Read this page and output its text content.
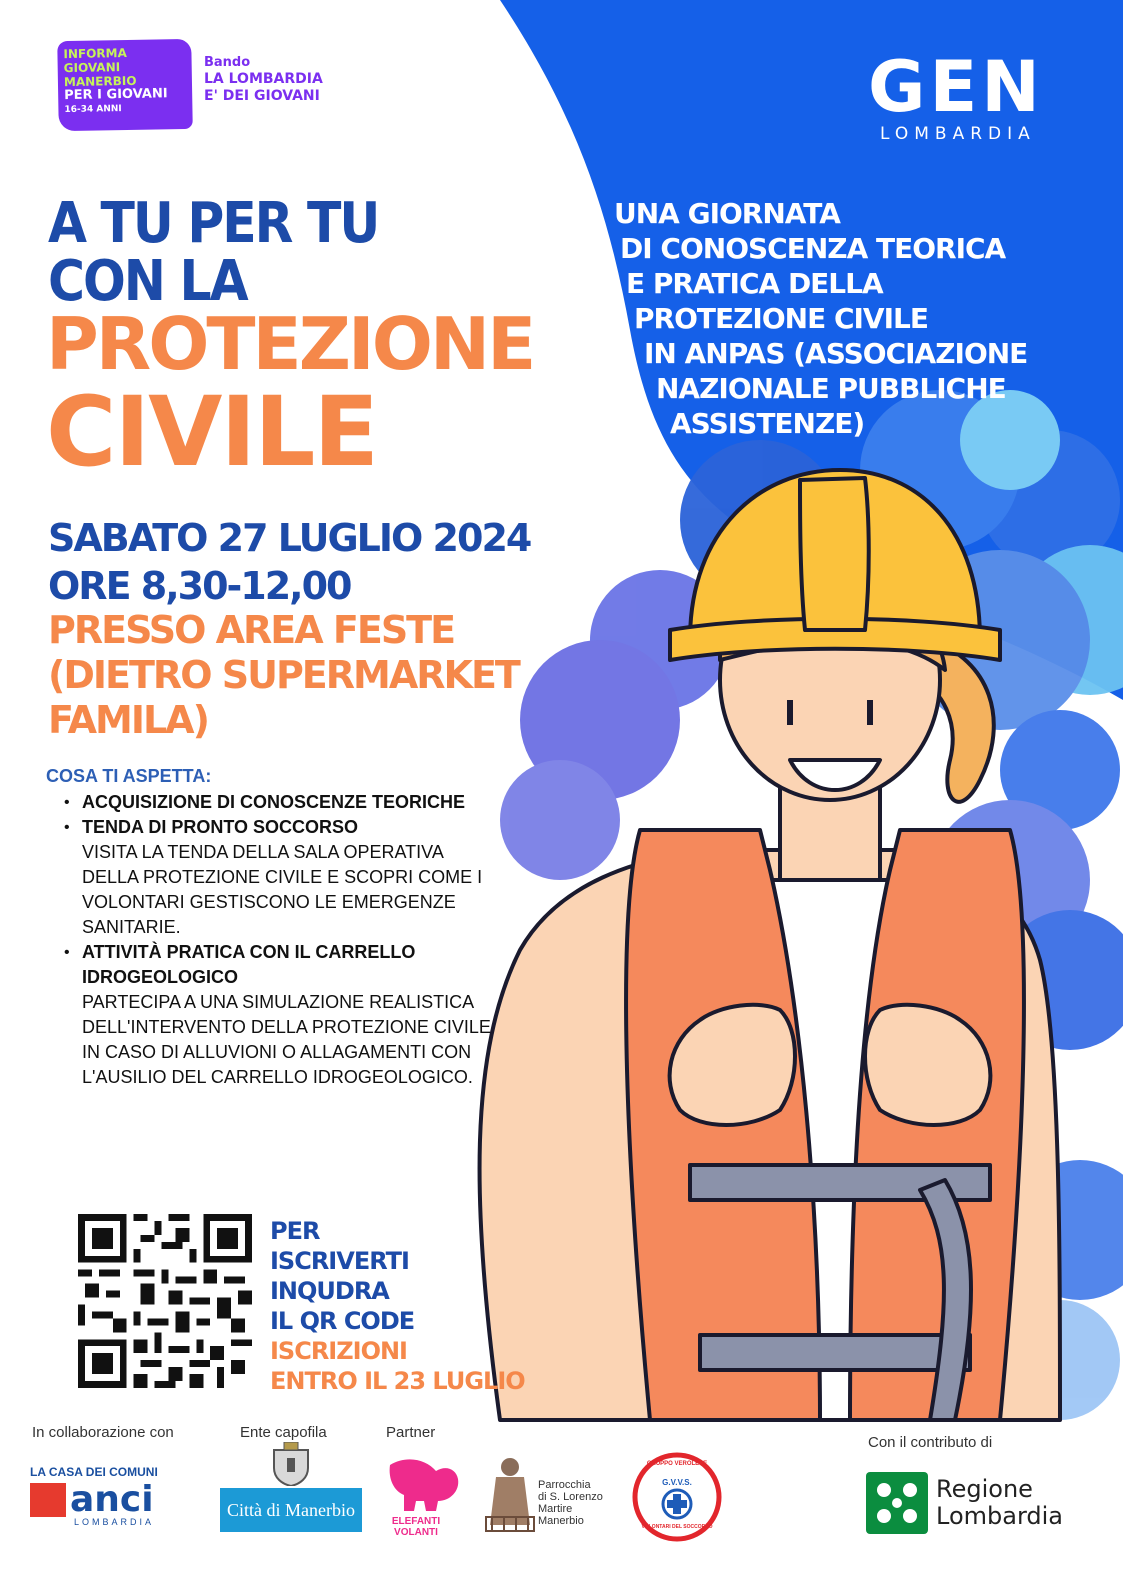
INFORMA
GIOVANI
MANERBIO
PER I GIOVANI
16-34 ANNI
Bando
LA LOMBARDIA
E' DEI GIOVANI	GEN
LOMBARDIA
A TU PER TU
CON LA
PROTEZIONE
CIVILE
UNA GIORNATA
DI CONOSCENZA TEORICA
E PRATICA DELLA
PROTEZIONE CIVILE
IN ANPAS (ASSOCIAZIONE
NAZIONALE PUBBLICHE
ASSISTENZE)
SABATO 27 LUGLIO 2024
ORE 8,30-12,00
PRESSO AREA FESTE
(DIETRO SUPERMARKET
FAMILA)
COSA TI ASPETTA:
• ACQUISIZIONE DI CONOSCENZE TEORICHE
• TENDA DI PRONTO SOCCORSO
VISITA LA TENDA DELLA SALA OPERATIVA DELLA PROTEZIONE CIVILE E SCOPRI COME I VOLONTARI GESTISCONO LE EMERGENZE SANITARIE.
• ATTIVITÀ PRATICA CON IL CARRELLO IDROGEOLOGICO
PARTECIPA A UNA SIMULAZIONE REALISTICA DELL'INTERVENTO DELLA PROTEZIONE CIVILE IN CASO DI ALLUVIONI O ALLAGAMENTI CON L'AUSILIO DEL CARRELLO IDROGEOLOGICO.
PER
ISCRIVERTI
INQUDRA
IL QR CODE
ISCRIZIONI
ENTRO IL 23 LUGLIO
In collaborazione con	Ente capofila	Partner
Con il contributo di
LA CASA DEI COMUNI
anci
LOMBARDIA
Città di Manerbio
ELEFANTI VOLANTI
Parrocchia
di S. Lorenzo
Martire
Manerbio
GRUPPO VEROLESE
G.V.V.S.
VOLONTARI DEL SOCCORSO
Regione
Lombardia
